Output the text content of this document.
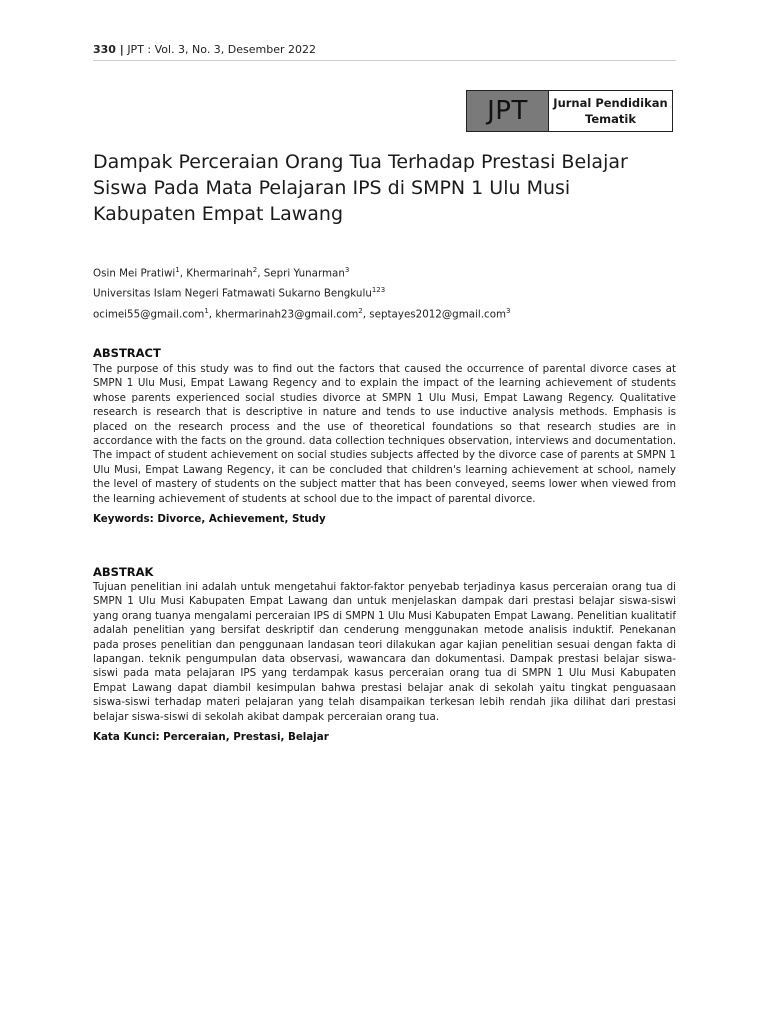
330 | JPT : Vol. 3, No. 3, Desember 2022
JPT	Jurnal Pendidikan
Tematik
Dampak Perceraian Orang Tua Terhadap Prestasi Belajar Siswa Pada Mata Pelajaran IPS di SMPN 1 Ulu Musi Kabupaten Empat Lawang
Osin Mei Pratiwi$^1$, Khermarinah$^2$, Sepri Yunarman$^3$
Universitas Islam Negeri Fatmawati Sukarno Bengkulu$^{123}$
ocimei55@gmail.com$^1$, khermarinah23@gmail.com$^2$, septayes2012@gmail.com$^3$
ABSTRACT

The purpose of this study was to find out the factors that caused the occurrence of parental divorce cases at SMPN 1 Ulu Musi, Empat Lawang Regency and to explain the impact of the learning achievement of students whose parents experienced social studies divorce at SMPN 1 Ulu Musi, Empat Lawang Regency. Qualitative research is research that is descriptive in nature and tends to use inductive analysis methods. Emphasis is placed on the research process and the use of theoretical foundations so that research studies are in accordance with the facts on the ground. data collection techniques observation, interviews and documentation. The impact of student achievement on social studies subjects affected by the divorce case of parents at SMPN 1 Ulu Musi, Empat Lawang Regency, it can be concluded that children's learning achievement at school, namely the level of mastery of students on the subject matter that has been conveyed, seems lower when viewed from the learning achievement of students at school due to the impact of parental divorce.

Keywords: Divorce, Achievement, Study
ABSTRAK

Tujuan penelitian ini adalah untuk mengetahui faktor-faktor penyebab terjadinya kasus perceraian orang tua di SMPN 1 Ulu Musi Kabupaten Empat Lawang dan untuk menjelaskan dampak dari prestasi belajar siswa-siswi yang orang tuanya mengalami perceraian IPS di SMPN 1 Ulu Musi Kabupaten Empat Lawang. Penelitian kualitatif adalah penelitian yang bersifat deskriptif dan cenderung menggunakan metode analisis induktif. Penekanan pada proses penelitian dan penggunaan landasan teori dilakukan agar kajian penelitian sesuai dengan fakta di lapangan. teknik pengumpulan data observasi, wawancara dan dokumentasi. Dampak prestasi belajar siswa-siswi pada mata pelajaran IPS yang terdampak kasus perceraian orang tua di SMPN 1 Ulu Musi Kabupaten Empat Lawang dapat diambil kesimpulan bahwa prestasi belajar anak di sekolah yaitu tingkat penguasaan siswa-siswi terhadap materi pelajaran yang telah disampaikan terkesan lebih rendah jika dilihat dari prestasi belajar siswa-siswi di sekolah akibat dampak perceraian orang tua.

Kata Kunci: Perceraian, Prestasi, Belajar
